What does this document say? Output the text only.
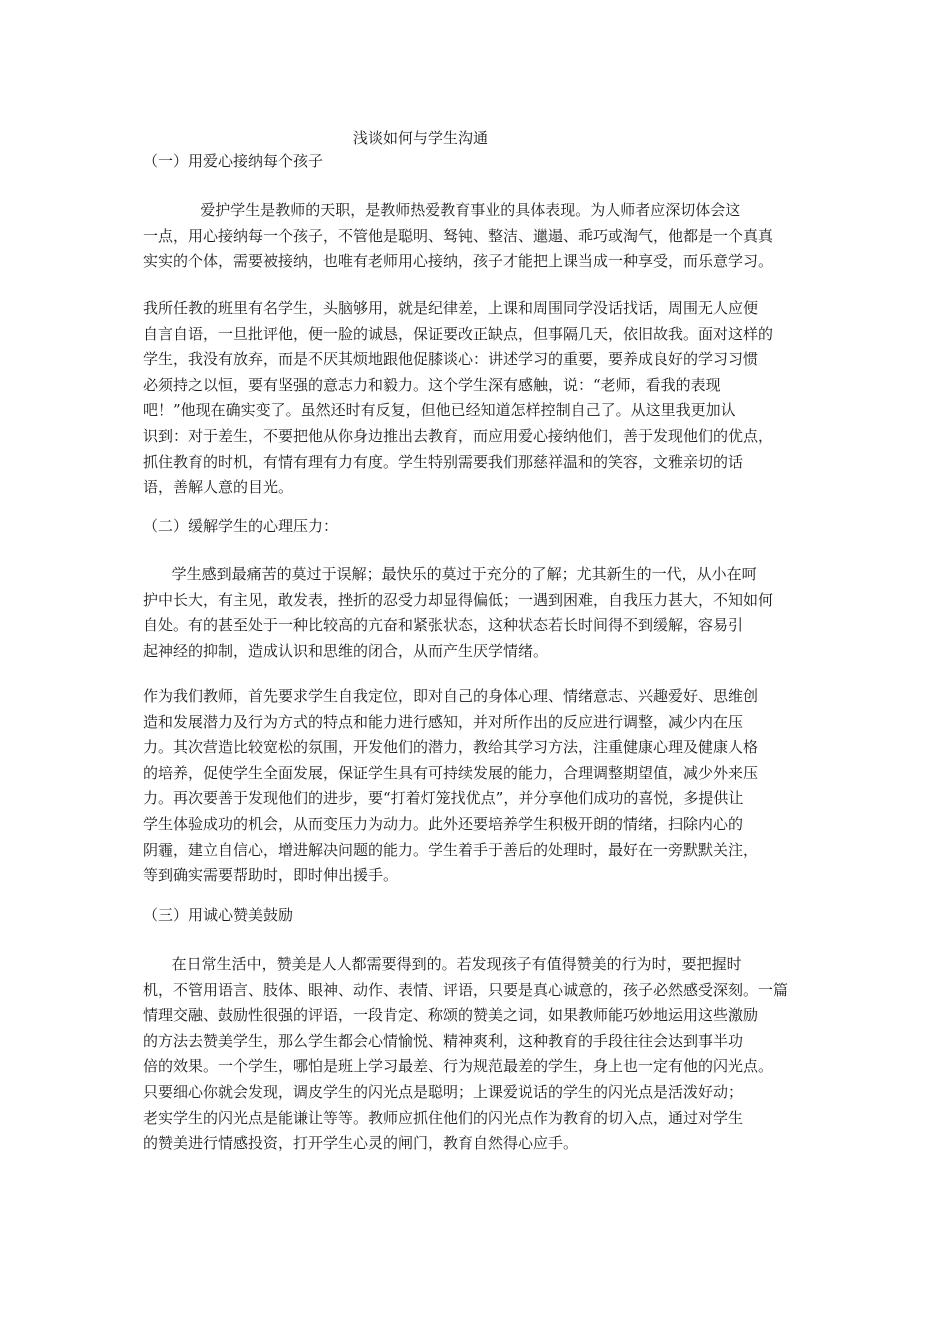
浅谈如何与学生沟通
（一）用爱心接纳每个孩子
爱护学生是教师的天职，是教师热爱教育事业的具体表现。为人师者应深切体会这
一点，用心接纳每一个孩子，不管他是聪明、驽钝、整洁、邋遢、乖巧或淘气，他都是一个真真
实实的个体，需要被接纳，也唯有老师用心接纳，孩子才能把上课当成一种享受，而乐意学习。
我所任教的班里有名学生，头脑够用，就是纪律差，上课和周围同学没话找话，周围无人应便
自言自语，一旦批评他，便一脸的诚恳，保证要改正缺点，但事隔几天，依旧故我。面对这样的
学生，我没有放弃，而是不厌其烦地跟他促膝谈心：讲述学习的重要，要养成良好的学习习惯
必须持之以恒，要有坚强的意志力和毅力。这个学生深有感触，说：“老师，看我的表现
吧！”他现在确实变了。虽然还时有反复，但他已经知道怎样控制自己了。从这里我更加认
识到：对于差生，不要把他从你身边推出去教育，而应用爱心接纳他们，善于发现他们的优点，
抓住教育的时机，有情有理有力有度。学生特别需要我们那慈祥温和的笑容，文雅亲切的话
语，善解人意的目光。
（二）缓解学生的心理压力：
学生感到最痛苦的莫过于误解；最快乐的莫过于充分的了解；尤其新生的一代，从小在呵
护中长大，有主见，敢发表，挫折的忍受力却显得偏低；一遇到困难，自我压力甚大，不知如何
自处。有的甚至处于一种比较高的亢奋和紧张状态，这种状态若长时间得不到缓解，容易引
起神经的抑制，造成认识和思维的闭合，从而产生厌学情绪。
作为我们教师，首先要求学生自我定位，即对自己的身体心理、情绪意志、兴趣爱好、思维创
造和发展潜力及行为方式的特点和能力进行感知，并对所作出的反应进行调整，减少内在压
力。其次营造比较宽松的氛围，开发他们的潜力，教给其学习方法，注重健康心理及健康人格
的培养，促使学生全面发展，保证学生具有可持续发展的能力，合理调整期望值，减少外来压
力。再次要善于发现他们的进步，要“打着灯笼找优点”，并分享他们成功的喜悦，多提供让
学生体验成功的机会，从而变压力为动力。此外还要培养学生积极开朗的情绪，扫除内心的
阴霾，建立自信心，增进解决问题的能力。学生着手于善后的处理时，最好在一旁默默关注，
等到确实需要帮助时，即时伸出援手。
（三）用诚心赞美鼓励
在日常生活中，赞美是人人都需要得到的。若发现孩子有值得赞美的行为时，要把握时
机，不管用语言、肢体、眼神、动作、表情、评语，只要是真心诚意的，孩子必然感受深刻。一篇
情理交融、鼓励性很强的评语，一段肯定、称颂的赞美之词，如果教师能巧妙地运用这些激励
的方法去赞美学生，那么学生都会心情愉悦、精神爽利，这种教育的手段往往会达到事半功
倍的效果。一个学生，哪怕是班上学习最差、行为规范最差的学生，身上也一定有他的闪光点。
只要细心你就会发现，调皮学生的闪光点是聪明；上课爱说话的学生的闪光点是活泼好动；
老实学生的闪光点是能谦让等等。教师应抓住他们的闪光点作为教育的切入点，通过对学生
的赞美进行情感投资，打开学生心灵的闸门，教育自然得心应手。
